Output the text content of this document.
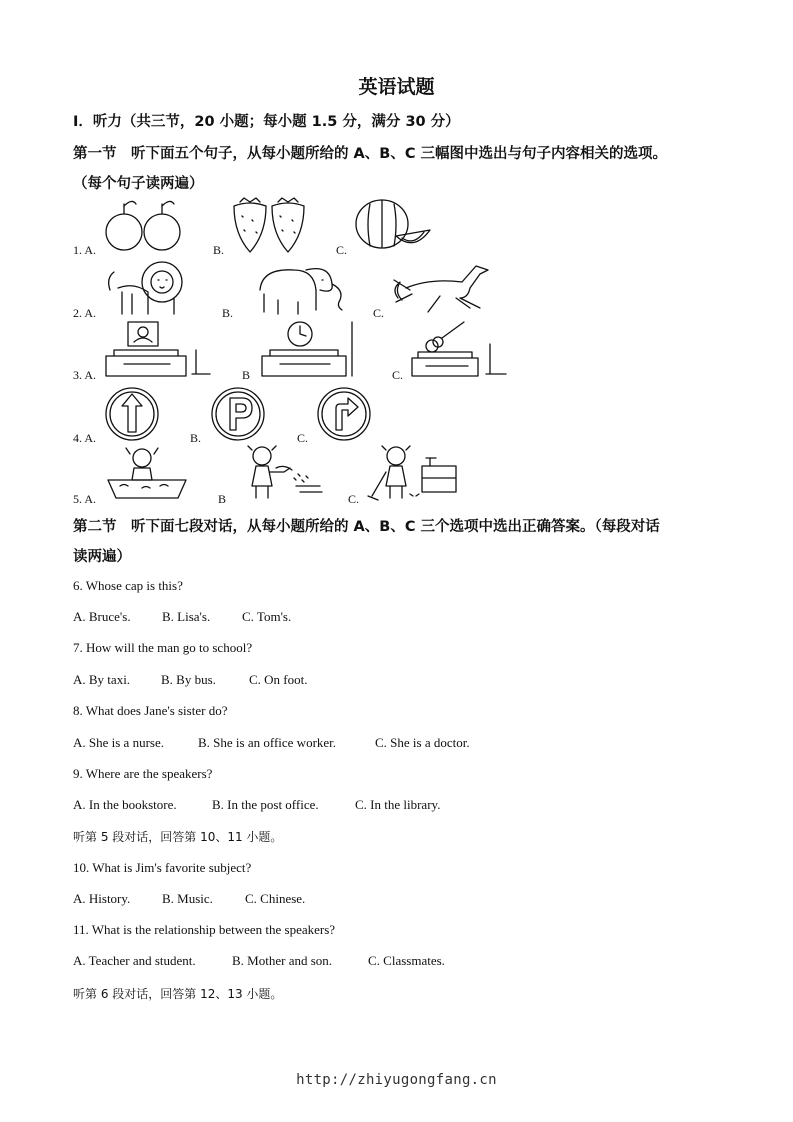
英语试题
I．听力（共三节，20 小题；每小题 1.5 分，满分 30 分）
第一节　听下面五个句子，从每小题所给的 A、B、C 三幅图中选出与句子内容相关的选项。
（每个句子读两遍）
1. A.	B.	C.
2. A.	B.	C.
3. A.	B	C.
4. A.	B.	C.
5. A.	B	C.
第二节　听下面七段对话，从每小题所给的 A、B、C 三个选项中选出正确答案。（每段对话
读两遍）
6. Whose cap is this?
A. Bruce's. B. Lisa's. C. Tom's.
7. How will the man go to school?
A. By taxi. B. By bus.	C. On foot.
8. What does Jane's sister do?
A. She is a nurse.	B. She is an office worker.	C. She is a doctor.
9. Where are the speakers?
A. In the bookstore.	B. In the post office.	C. In the library.
听第 5 段对话，回答第 10、11 小题。
10. What is Jim's favorite subject?
A. History. B. Music. C. Chinese.
11. What is the relationship between the speakers?
A. Teacher and student.	B. Mother and son.	C. Classmates.
听第 6 段对话，回答第 12、13 小题。
http://zhiyugongfang.cn
